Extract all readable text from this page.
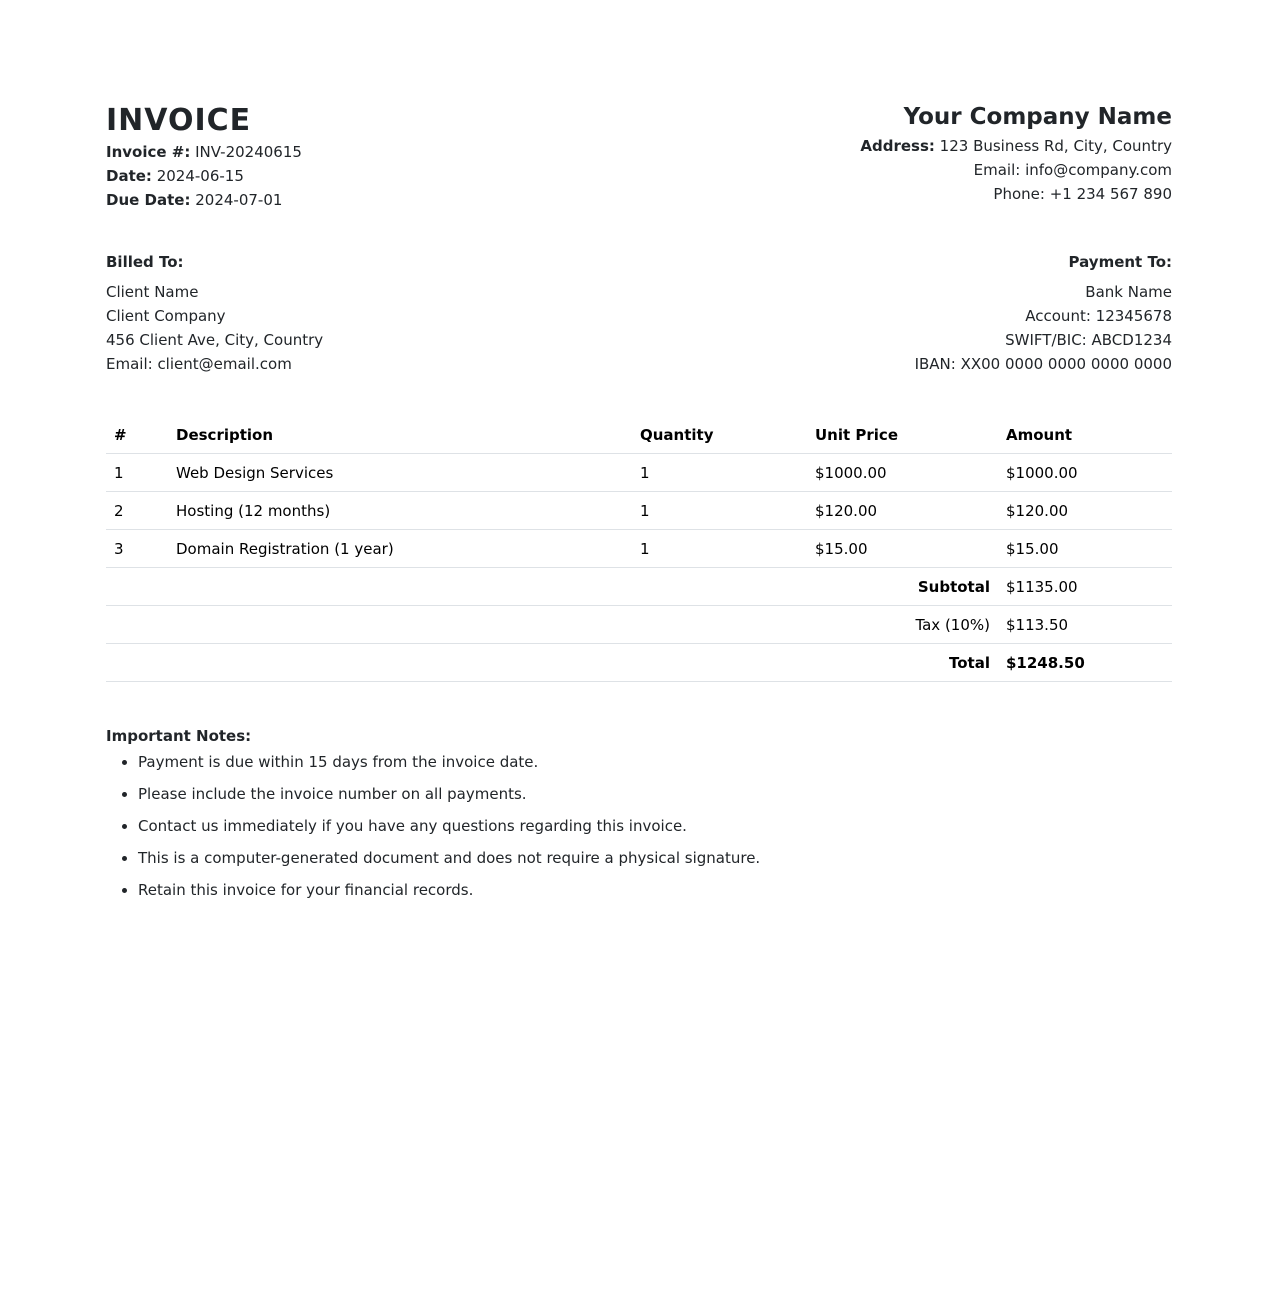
INVOICE
Invoice #: INV-20240615
Date: 2024-06-15
Due Date: 2024-07-01
Your Company Name
Address: 123 Business Rd, City, Country
Email: info@company.com
Phone: +1 234 567 890
Billed To:
Client Name
Client Company
456 Client Ave, City, Country
Email: client@email.com
Payment To:
Bank Name
Account: 12345678
SWIFT/BIC: ABCD1234
IBAN: XX00 0000 0000 0000 0000
#	Description	Quantity	Unit Price	Amount
1	Web Design Services	1	$1000.00	$1000.00
2	Hosting (12 months)	1	$120.00	$120.00
3	Domain Registration (1 year)	1	$15.00	$15.00
Subtotal				$1135.00
Tax (10%)				$113.50
Total				$1248.50
Important Notes:
• Payment is due within 15 days from the invoice date.
• Please include the invoice number on all payments.
• Contact us immediately if you have any questions regarding this invoice.
• This is a computer-generated document and does not require a physical signature.
• Retain this invoice for your financial records.
